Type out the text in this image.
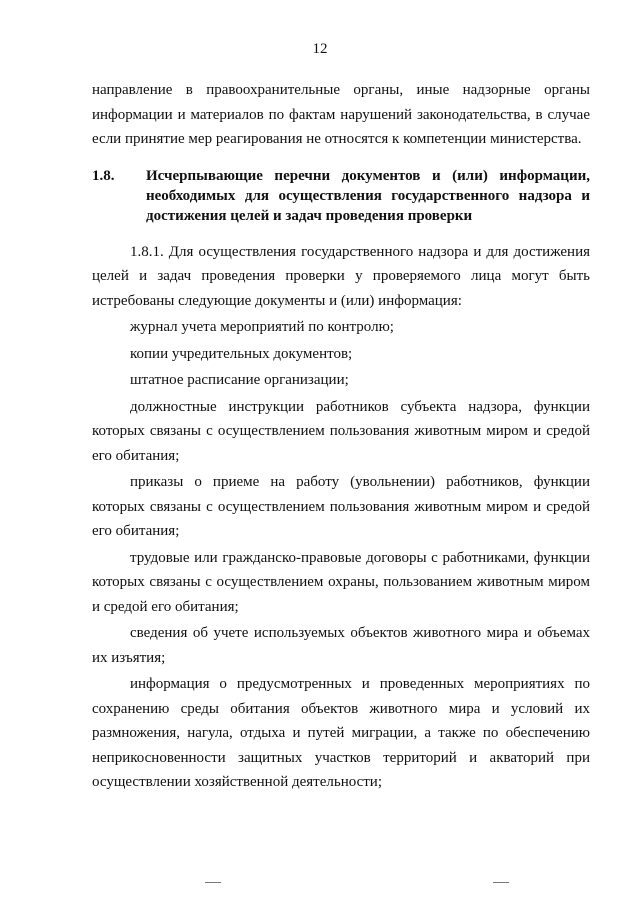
12

направление в правоохранительные органы, иные надзорные органы информации и материалов по фактам нарушений законодательства, в случае если принятие мер реагирования не относятся к компетенции министерства.

1.8.	Исчерпывающие перечни документов и (или) информации, необходимых для осуществления государственного надзора и достижения целей и задач проведения проверки

1.8.1. Для осуществления государственного надзора и для достижения целей и задач проведения проверки у проверяемого лица могут быть истребованы следующие документы и (или) информация:

журнал учета мероприятий по контролю;

копии учредительных документов;

штатное расписание организации;

должностные инструкции работников субъекта надзора, функции которых связаны с осуществлением пользования животным миром и средой его обитания;

приказы о приеме на работу (увольнении) работников, функции которых связаны с осуществлением пользования животным миром и средой его обитания;

трудовые или гражданско-правовые договоры с работниками, функции которых связаны с осуществлением охраны, пользованием животным миром и средой его обитания;

сведения об учете используемых объектов животного мира и объемах их изъятия;

информация о предусмотренных и проведенных мероприятиях по сохранению среды обитания объектов животного мира и условий их размножения, нагула, отдыха и путей миграции, а также по обеспечению неприкосновенности защитных участков территорий и акваторий при осуществлении хозяйственной деятельности;
